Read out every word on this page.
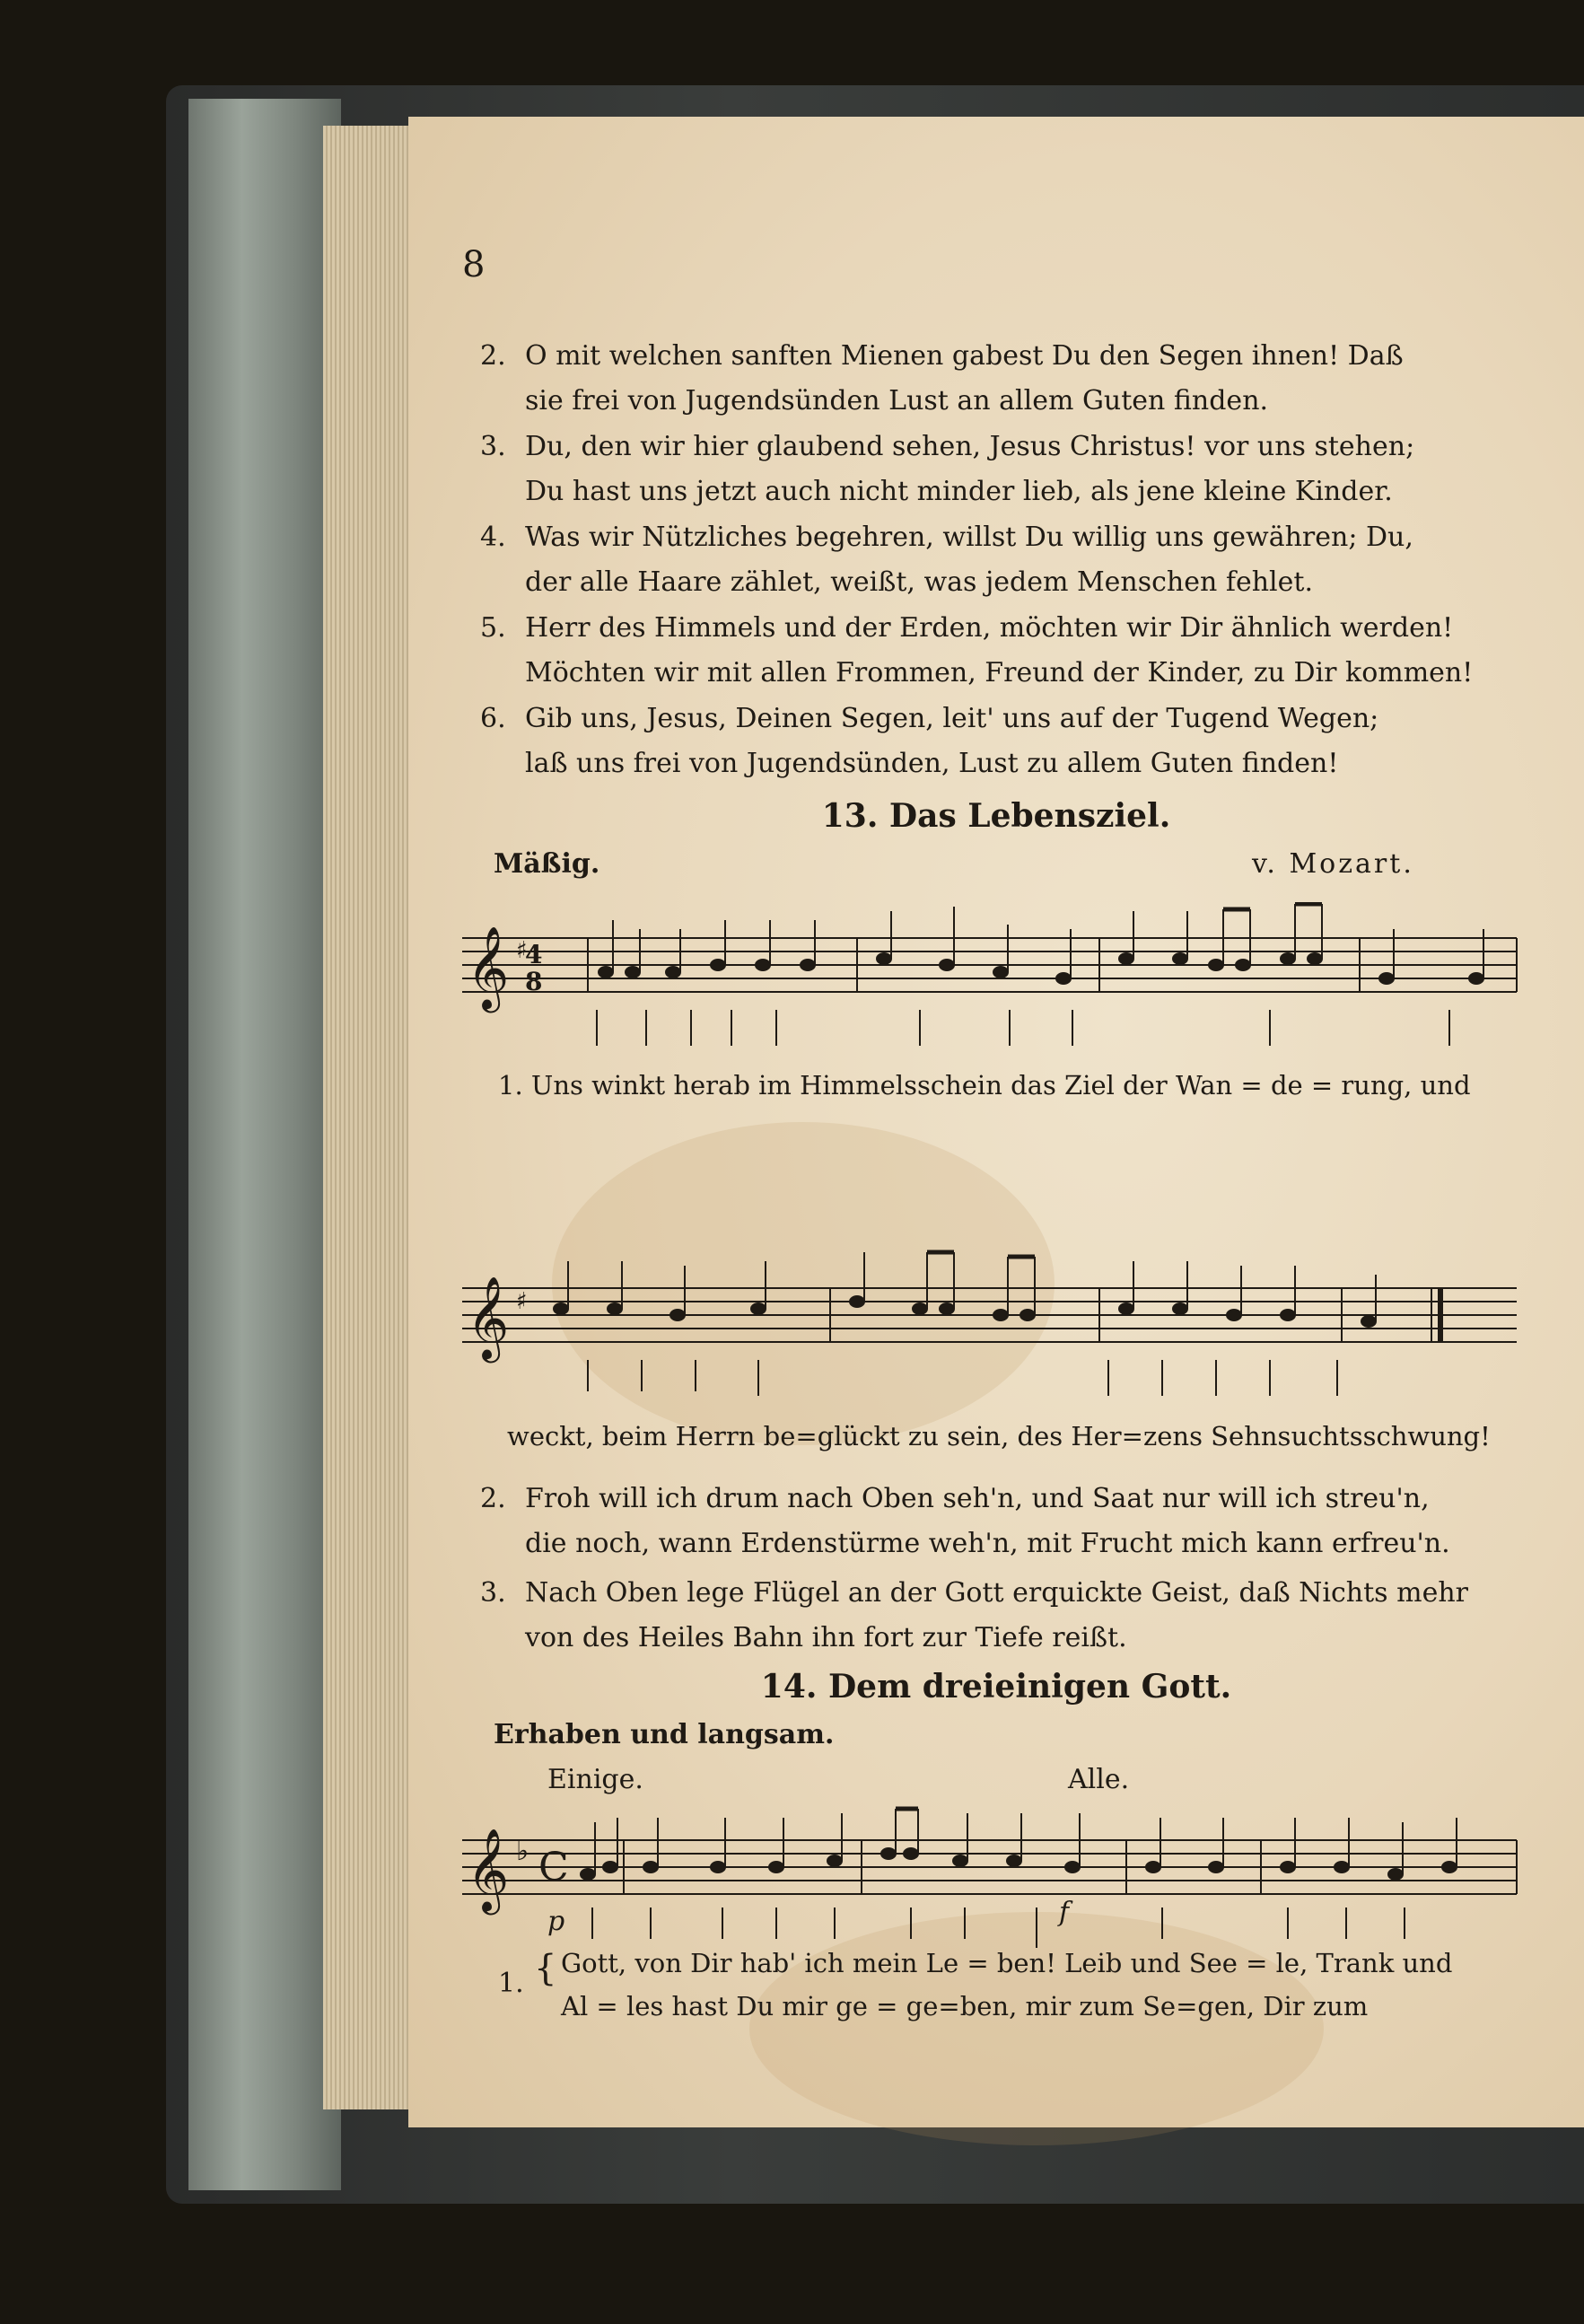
8
2. O mit welchen sanften Mienen gabest Du den Segen ihnen! Daß
sie frei von Jugendsünden Lust an allem Guten finden.
3. Du, den wir hier glaubend sehen, Jesus Christus! vor uns stehen;
Du hast uns jetzt auch nicht minder lieb, als jene kleine Kinder.
4. Was wir Nützliches begehren, willst Du willig uns gewähren; Du,
der alle Haare zählet, weißt, was jedem Menschen fehlet.
5. Herr des Himmels und der Erden, möchten wir Dir ähnlich werden!
Möchten wir mit allen Frommen, Freund der Kinder, zu Dir kommen!
6. Gib uns, Jesus, Deinen Segen, leit' uns auf der Tugend Wegen;
laß uns frei von Jugendsünden, Lust zu allem Guten finden!
13. Das Lebensziel.
Mäßig.	v. Mozart.
𝄞 ♯
4
8
1. Uns winkt herab im Himmelsschein das Ziel der Wan = de = rung, und
𝄞 ♯
weckt, beim Herrn be=glückt zu sein, des Her=zens Sehnsuchtsschwung!
2. Froh will ich drum nach Oben seh'n, und Saat nur will ich streu'n,
die noch, wann Erdenstürme weh'n, mit Frucht mich kann erfreu'n.
3. Nach Oben lege Flügel an der Gott erquickte Geist, daß Nichts mehr
von des Heiles Bahn ihn fort zur Tiefe reißt.
14. Dem dreieinigen Gott.
Erhaben und langsam.
Einige.	Alle.
𝄞 ♭ C
p	f
1. { Gott, von Dir hab' ich mein Le = ben! Leib und See = le, Trank und
Al = les hast Du mir ge = ge=ben, mir zum Se=gen, Dir zum
